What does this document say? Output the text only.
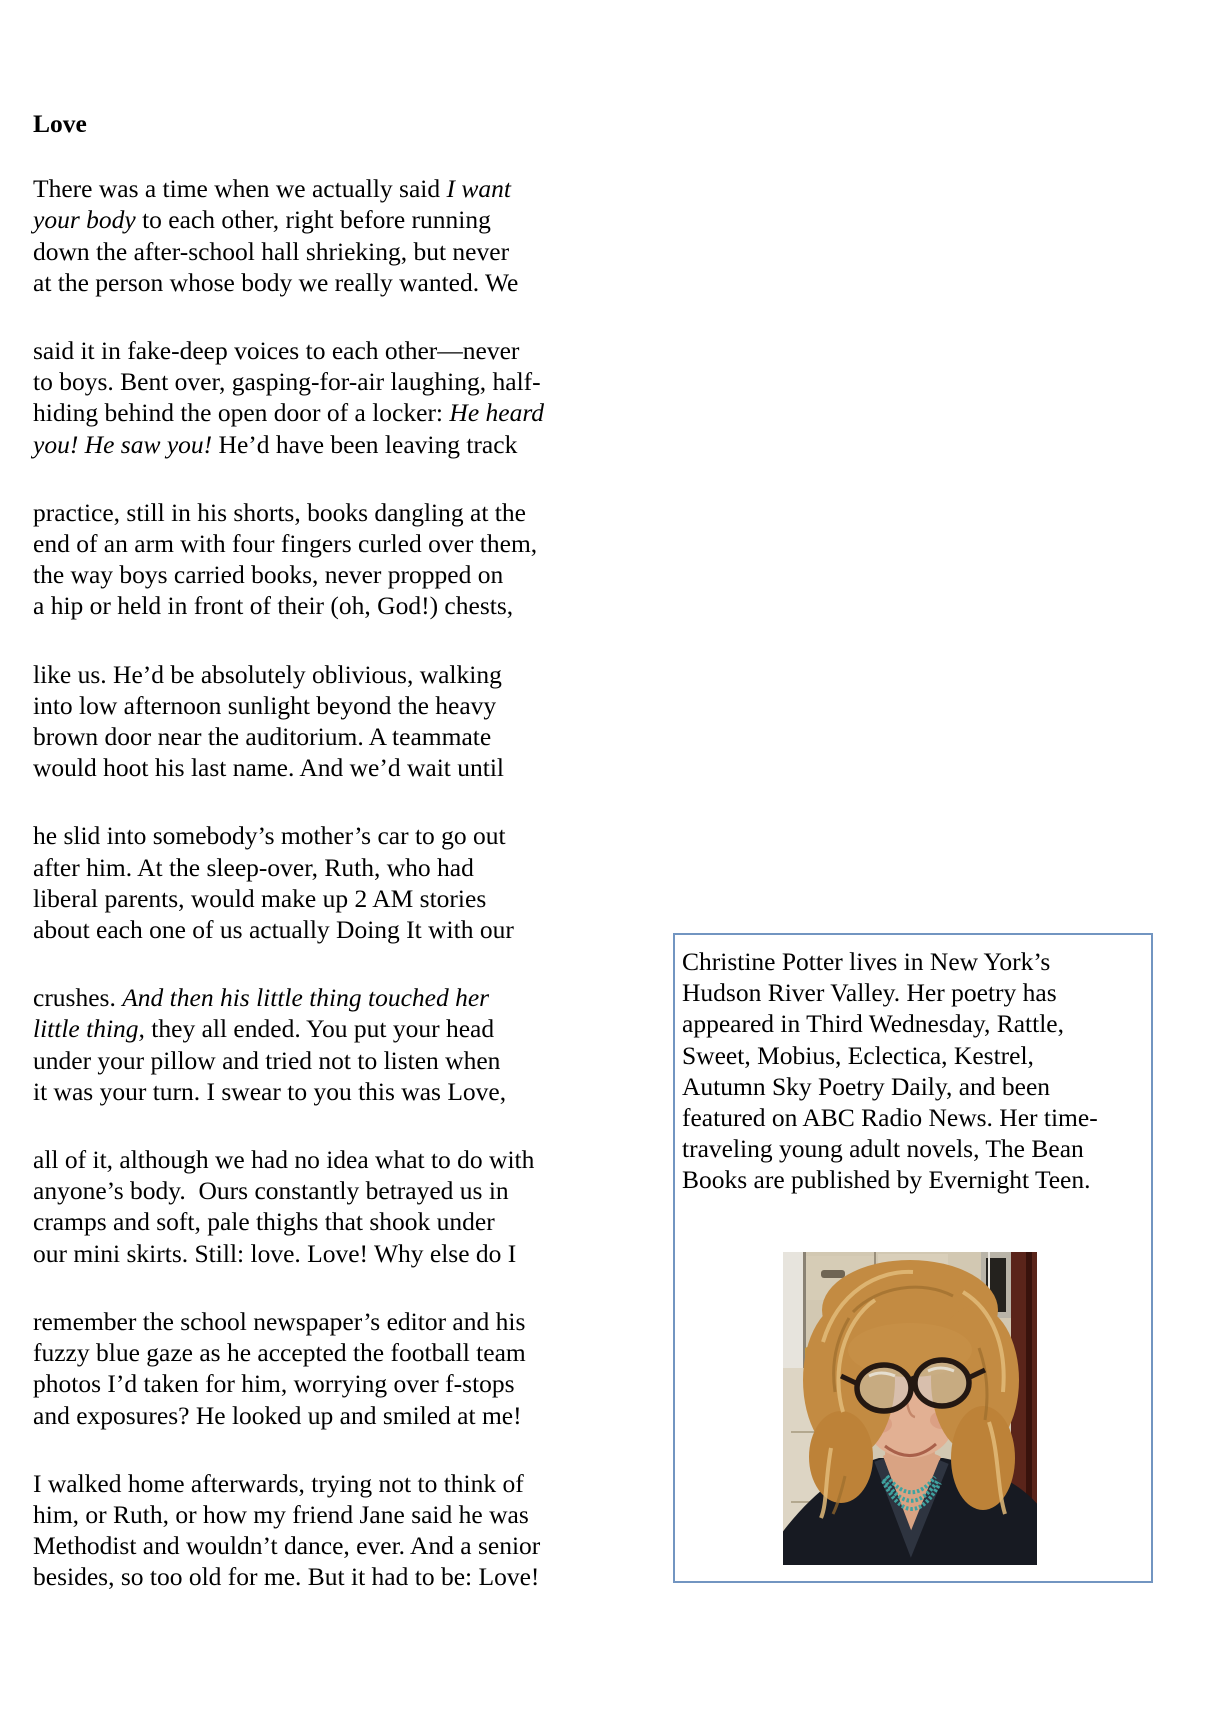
Love
There was a time when we actually said I want
your body to each other, right before running
down the after-school hall shrieking, but never
at the person whose body we really wanted. We
said it in fake-deep voices to each other—never
to boys. Bent over, gasping-for-air laughing, half-
hiding behind the open door of a locker: He heard
you! He saw you! He’d have been leaving track
practice, still in his shorts, books dangling at the
end of an arm with four fingers curled over them,
the way boys carried books, never propped on
a hip or held in front of their (oh, God!) chests,
like us. He’d be absolutely oblivious, walking
into low afternoon sunlight beyond the heavy
brown door near the auditorium. A teammate
would hoot his last name. And we’d wait until
he slid into somebody’s mother’s car to go out
after him. At the sleep-over, Ruth, who had
liberal parents, would make up 2 AM stories
about each one of us actually Doing It with our
crushes. And then his little thing touched her
little thing, they all ended. You put your head
under your pillow and tried not to listen when
it was your turn. I swear to you this was Love,
all of it, although we had no idea what to do with
anyone’s body.  Ours constantly betrayed us in
cramps and soft, pale thighs that shook under
our mini skirts. Still: love. Love! Why else do I
remember the school newspaper’s editor and his
fuzzy blue gaze as he accepted the football team
photos I’d taken for him, worrying over f-stops
and exposures? He looked up and smiled at me!
I walked home afterwards, trying not to think of
him, or Ruth, or how my friend Jane said he was
Methodist and wouldn’t dance, ever. And a senior
besides, so too old for me. But it had to be: Love!
Christine Potter lives in New York’s
Hudson River Valley. Her poetry has
appeared in Third Wednesday, Rattle,
Sweet, Mobius, Eclectica, Kestrel,
Autumn Sky Poetry Daily, and been
featured on ABC Radio News. Her time-
traveling young adult novels, The Bean
Books are published by Evernight Teen.
